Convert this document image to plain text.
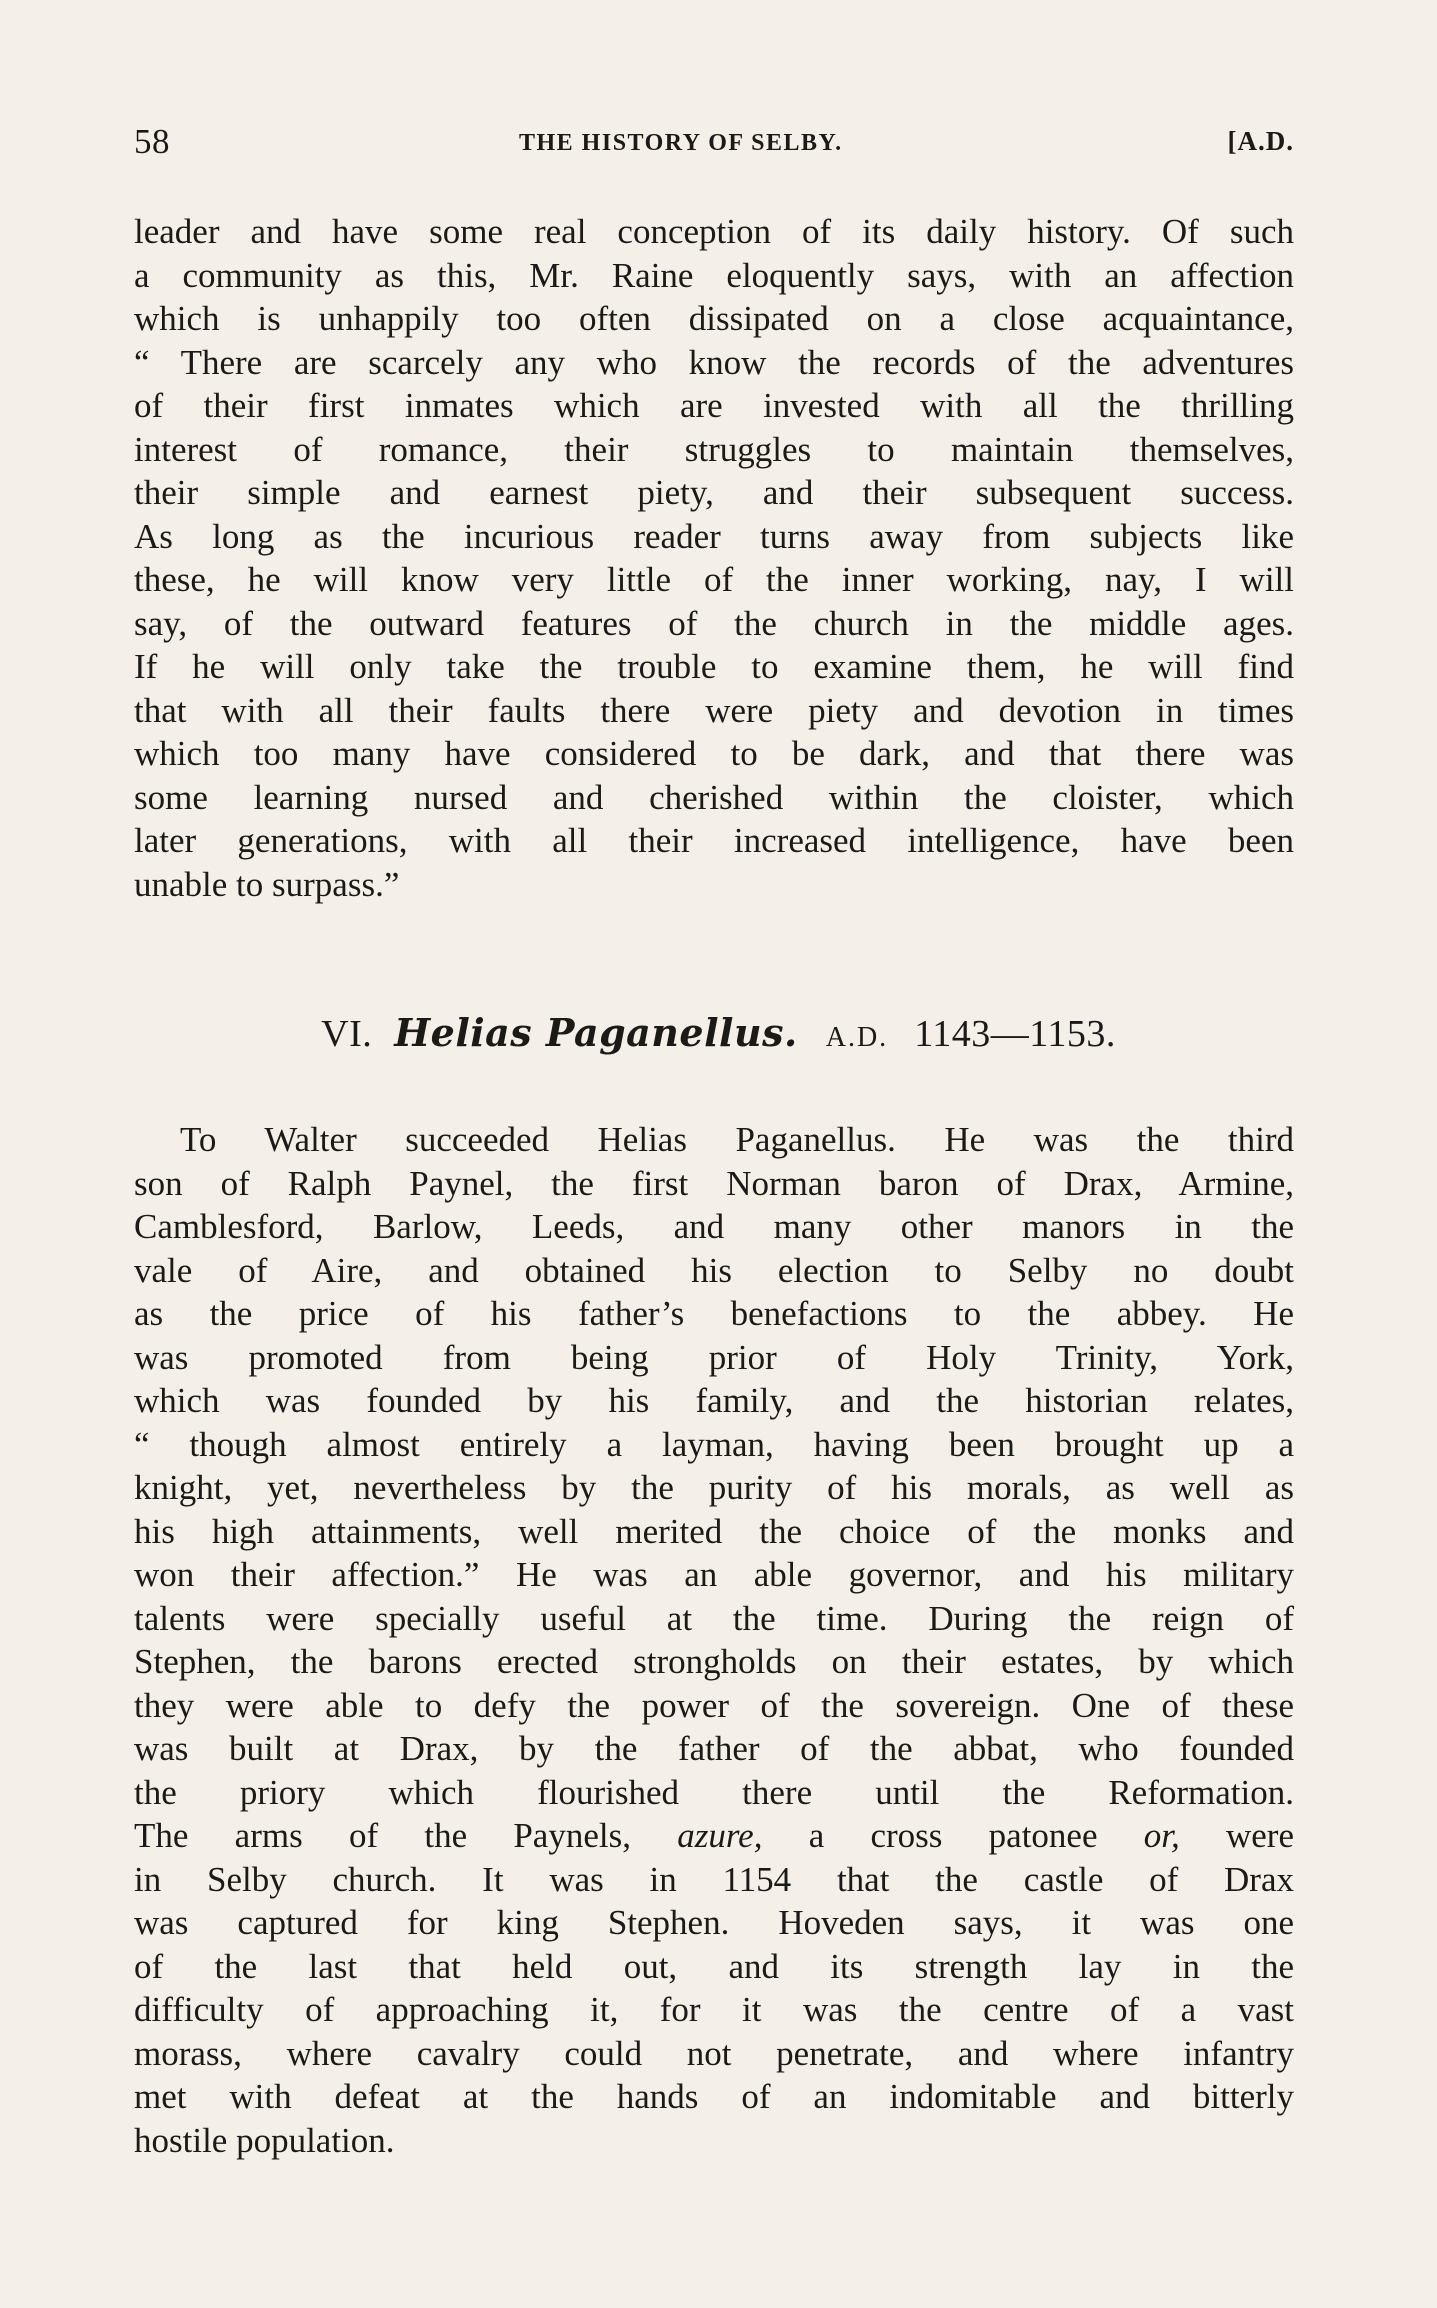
58	THE HISTORY OF SELBY.	[A.D.
leader and have some real conception of its daily history. Of such
a community as this, Mr. Raine eloquently says, with an affection
which is unhappily too often dissipated on a close acquaintance,
“ There are scarcely any who know the records of the adventures
of their first inmates which are invested with all the thrilling
interest of romance, their struggles to maintain themselves,
their simple and earnest piety, and their subsequent success.
As long as the incurious reader turns away from subjects like
these, he will know very little of the inner working, nay, I will
say, of the outward features of the church in the middle ages.
If he will only take the trouble to examine them, he will find
that with all their faults there were piety and devotion in times
which too many have considered to be dark, and that there was
some learning nursed and cherished within the cloister, which
later generations, with all their increased intelligence, have been
unable to surpass.”
VI. Helias Paganellus. A.D. 1143—1153.
To Walter succeeded Helias Paganellus. He was the third
son of Ralph Paynel, the first Norman baron of Drax, Armine,
Camblesford, Barlow, Leeds, and many other manors in the
vale of Aire, and obtained his election to Selby no doubt
as the price of his father’s benefactions to the abbey. He
was promoted from being prior of Holy Trinity, York,
which was founded by his family, and the historian relates,
“ though almost entirely a layman, having been brought up a
knight, yet, nevertheless by the purity of his morals, as well as
his high attainments, well merited the choice of the monks and
won their affection.” He was an able governor, and his military
talents were specially useful at the time. During the reign of
Stephen, the barons erected strongholds on their estates, by which
they were able to defy the power of the sovereign. One of these
was built at Drax, by the father of the abbat, who founded
the priory which flourished there until the Reformation.
The arms of the Paynels, azure, a cross patonee or, were
in Selby church. It was in 1154 that the castle of Drax
was captured for king Stephen. Hoveden says, it was one
of the last that held out, and its strength lay in the
difficulty of approaching it, for it was the centre of a vast
morass, where cavalry could not penetrate, and where infantry
met with defeat at the hands of an indomitable and bitterly
hostile population.
